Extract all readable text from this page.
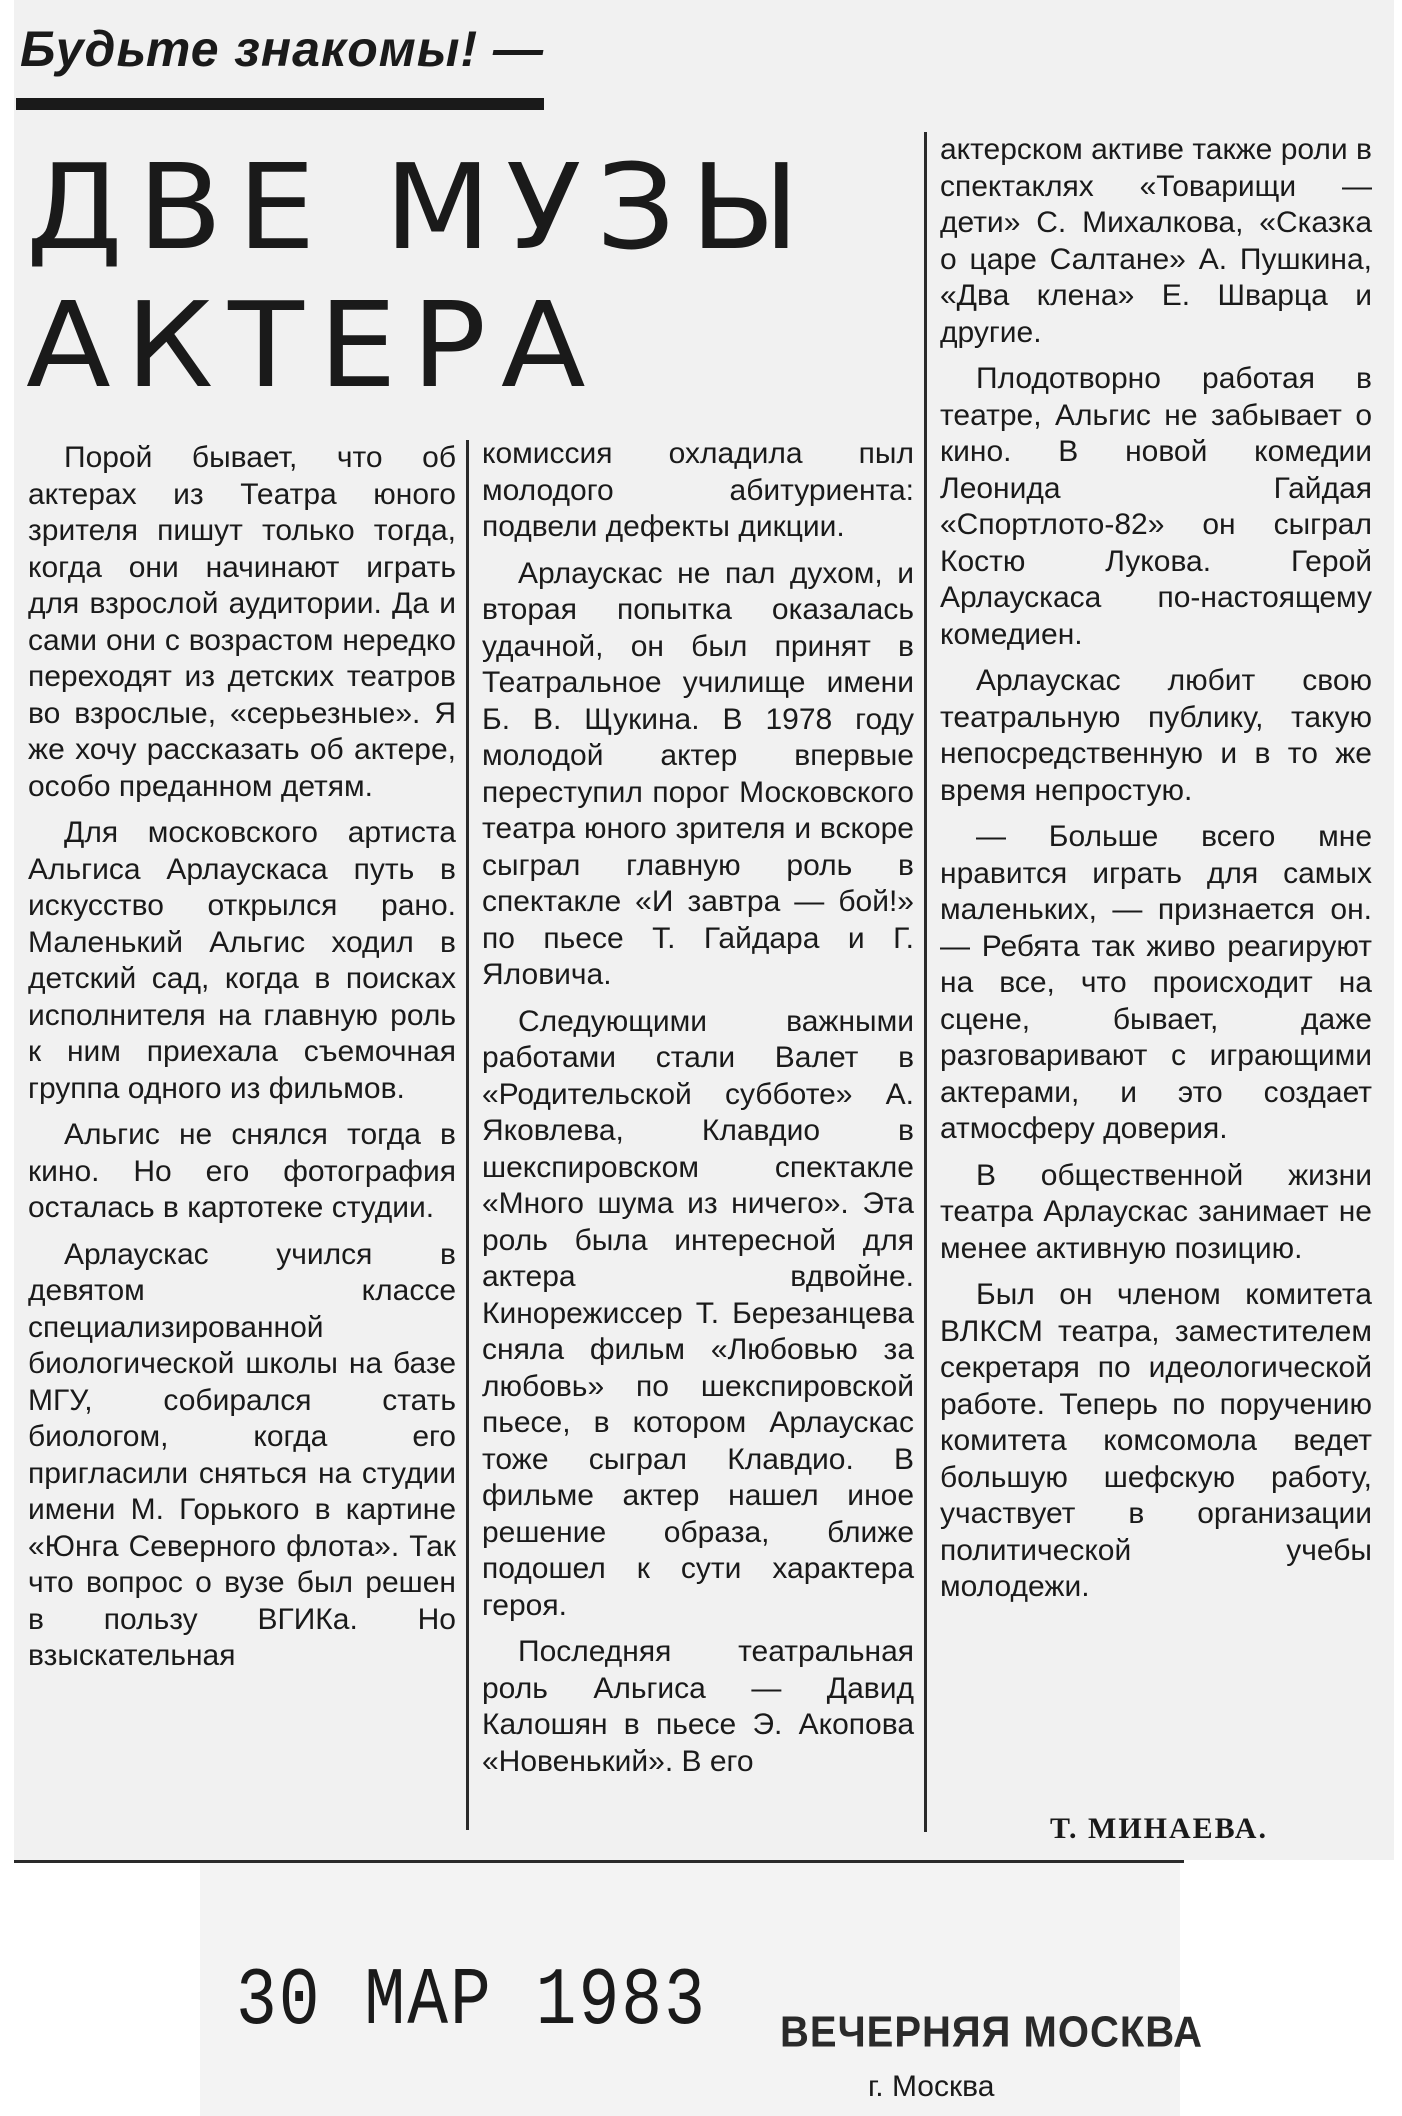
Будьте знакомы! —
ДВЕ МУЗЫ
АКТЕРА

Порой бывает, что об актерах из Театра юного зрителя пишут только тогда, когда они начинают играть для взрослой аудитории. Да и сами они с возрастом нередко переходят из детских театров во взрослые, «серьезные». Я же хочу рассказать об актере, особо преданном детям.

Для московского артиста Альгиса Арлаускаса путь в искусство открылся рано. Маленький Альгис ходил в детский сад, когда в поисках исполнителя на главную роль к ним приехала съемочная группа одного из фильмов.

Альгис не снялся тогда в кино. Но его фотография осталась в картотеке студии.

Арлаускас учился в девятом классе специализированной биологической школы на базе МГУ, собирался стать биологом, когда его пригласили сняться на студии имени М. Горького в картине «Юнга Северного флота». Так что вопрос о вузе был решен в пользу ВГИКа. Но взыскательная

комиссия охладила пыл молодого абитуриента: подвели дефекты дикции.

Арлаускас не пал духом, и вторая попытка оказалась удачной, он был принят в Театральное училище имени Б. В. Щукина. В 1978 году молодой актер впервые переступил порог Московского театра юного зрителя и вскоре сыграл главную роль в спектакле «И завтра — бой!» по пьесе Т. Гайдара и Г. Яловича.

Следующими важными работами стали Валет в «Родительской субботе» А. Яковлева, Клавдио в шекспировском спектакле «Много шума из ничего». Эта роль была интересной для актера вдвойне. Кинорежиссер Т. Березанцева сняла фильм «Любовью за любовь» по шекспировской пьесе, в котором Арлаускас тоже сыграл Клавдио. В фильме актер нашел иное решение образа, ближе подошел к сути характера героя.

Последняя театральная роль Альгиса — Давид Калошян в пьесе Э. Акопова «Новенький». В его

актерском активе также роли в спектаклях «Товарищи — дети» С. Михалкова, «Сказка о царе Салтане» А. Пушкина, «Два клена» Е. Шварца и другие.

Плодотворно работая в театре, Альгис не забывает о кино. В новой комедии Леонида Гайдая «Спортлото-82» он сыграл Костю Лукова. Герой Арлаускаса по-настоящему комедиен.

Арлаускас любит свою театральную публику, такую непосредственную и в то же время непростую.

— Больше всего мне нравится играть для самых маленьких, — признается он. — Ребята так живо реагируют на все, что происходит на сцене, бывает, даже разговаривают с играющими актерами, и это создает атмосферу доверия.

В общественной жизни театра Арлаускас занимает не менее активную позицию.

Был он членом комитета ВЛКСМ театра, заместителем секретаря по идеологической работе. Теперь по поручению комитета комсомола ведет большую шефскую работу, участвует в организации политической учебы молодежи.

Т. МИНАЕВА.
30 МАР 1983 ВЕЧЕРНЯЯ МОСКВА
г. Москва
